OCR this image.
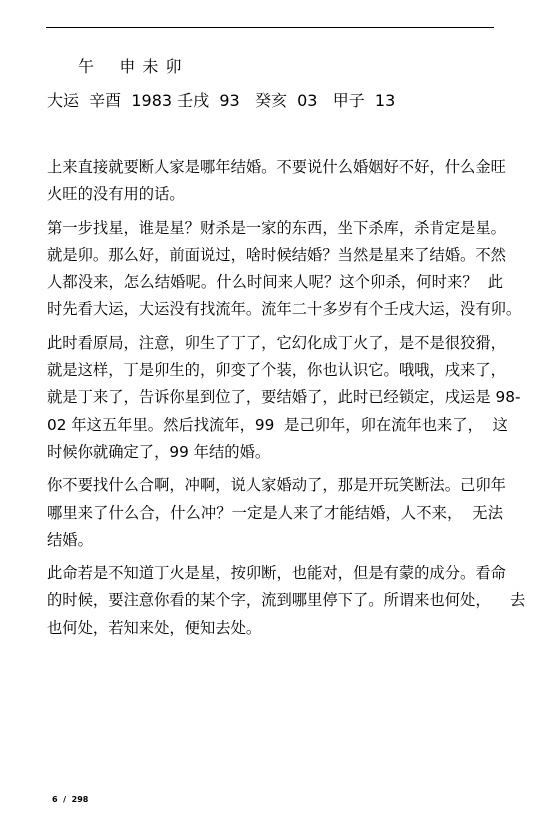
午    申 未 卯
大运  辛酉  1983 壬戌  93   癸亥  03   甲子  13
上来直接就要断人家是哪年结婚。不要说什么婚姻好不好，什么金旺
火旺的没有用的话。
第一步找星，谁是星？财杀是一家的东西，坐下杀库，杀肯定是星。
就是卯。那么好，前面说过，啥时候结婚？当然是星来了结婚。不然
人都没来，怎么结婚呢。什么时间来人呢？这个卯杀，何时来？  此
时先看大运，大运没有找流年。流年二十多岁有个壬戌大运，没有卯。
此时看原局，注意，卯生了丁了，它幻化成丁火了，是不是很狡猾，
就是这样，丁是卯生的，卯变了个装，你也认识它。哦哦，戌来了，
就是丁来了，告诉你星到位了，要结婚了，此时已经锁定，戌运是 98-
02 年这五年里。然后找流年，99  是己卯年，卯在流年也来了，  这
时候你就确定了，99 年结的婚。
你不要找什么合啊，冲啊，说人家婚动了，那是开玩笑断法。己卯年
哪里来了什么合，什么冲？一定是人来了才能结婚，人不来，  无法
结婚。
此命若是不知道丁火是星，按卯断，也能对，但是有蒙的成分。看命
的时候，要注意你看的某个字，流到哪里停下了。所谓来也何处，    去
也何处，若知来处，便知去处。
6  /  298
